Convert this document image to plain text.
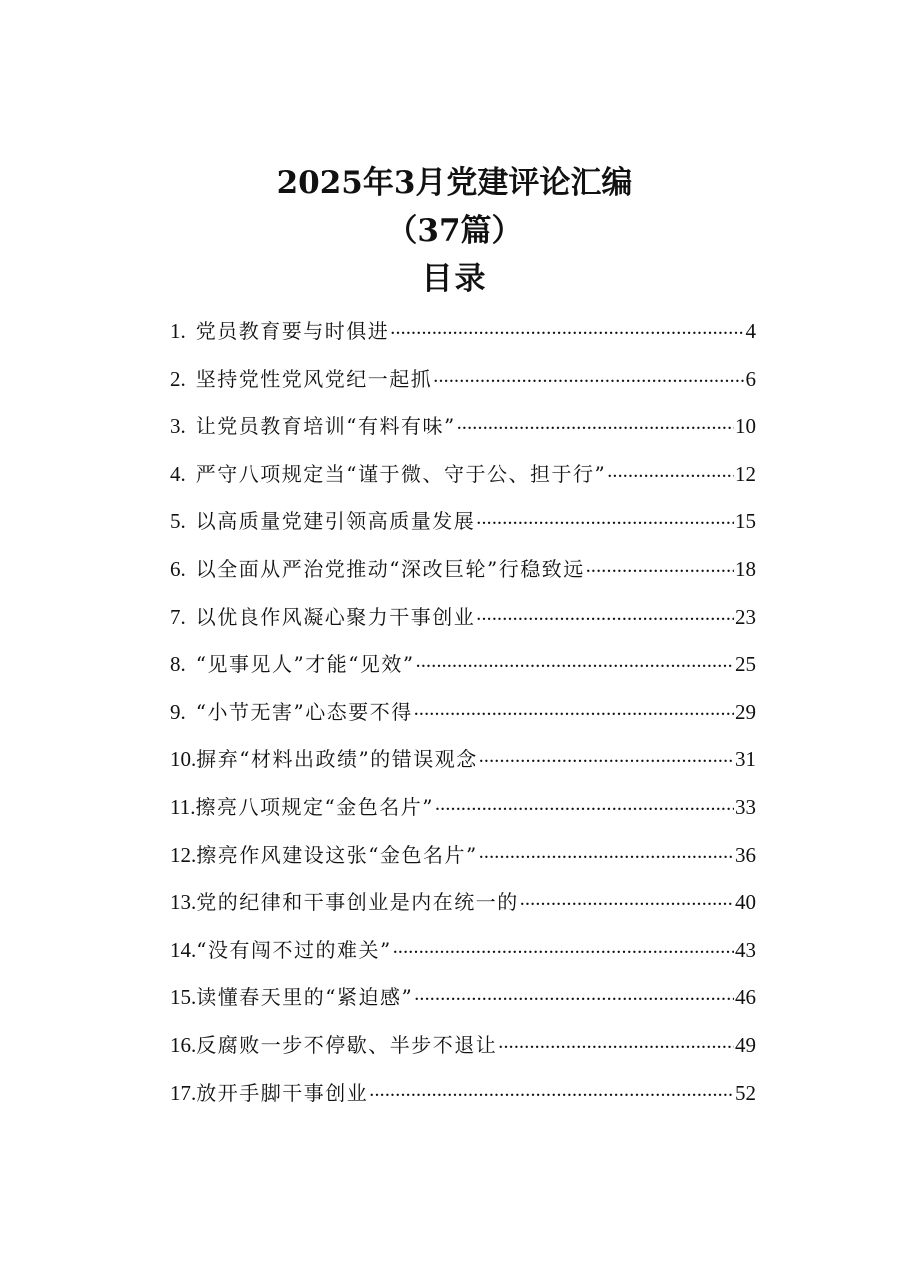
2025年3月党建评论汇编
（37篇）
目录
1. 党员教育要与时俱进 .....	4
2. 坚持党性党风党纪一起抓 .....	6
3. 让党员教育培训“有料有味” .....	10
4. 严守八项规定当“谨于微、守于公、担于行” .....	12
5. 以高质量党建引领高质量发展 .....	15
6. 以全面从严治党推动“深改巨轮”行稳致远 .....	18
7. 以优良作风凝心聚力干事创业 .....	23
8. “见事见人”才能“见效” .....	25
9. “小节无害”心态要不得 .....	29
10. 摒弃“材料出政绩”的错误观念 .....	31
11. 擦亮八项规定“金色名片” .....	33
12. 擦亮作风建设这张“金色名片” .....	36
13. 党的纪律和干事创业是内在统一的 .....	40
14. “没有闯不过的难关” .....	43
15. 读懂春天里的“紧迫感” .....	46
16. 反腐败一步不停歇、半步不退让 .....	49
17. 放开手脚干事创业 .....	52
